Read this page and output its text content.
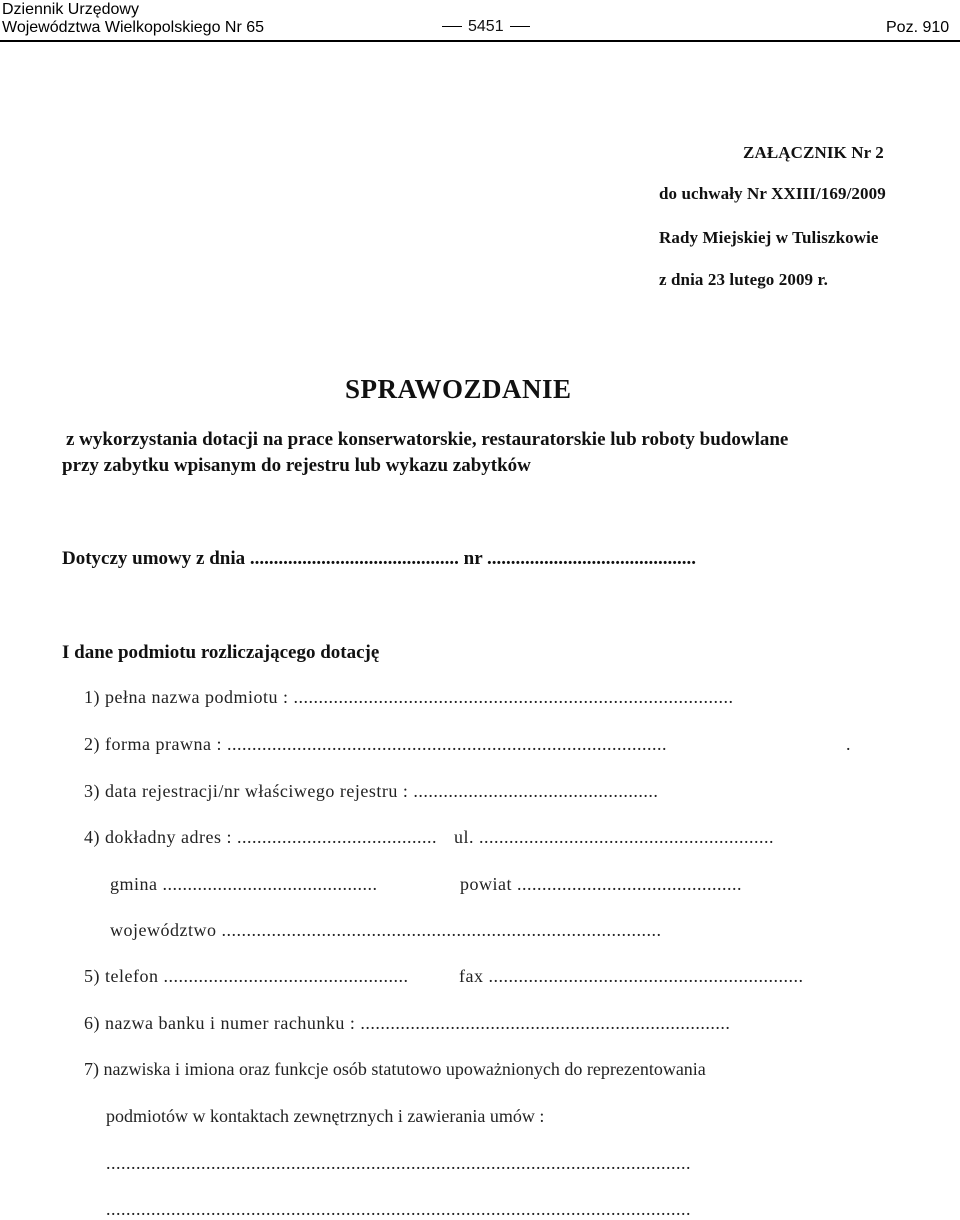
Dziennik Urzędowy
Województwa Wielkopolskiego Nr 65	5451	Poz. 910
ZAŁĄCZNIK Nr 2
do uchwały Nr XXIII/169/2009
Rady Miejskiej w Tuliszkowie
z dnia 23 lutego 2009 r.
SPRAWOZDANIE
z wykorzystania dotacji na prace konserwatorskie, restauratorskie lub roboty budowlane
przy zabytku wpisanym do rejestru lub wykazu zabytków
Dotyczy umowy z dnia ............................................ nr ............................................
I dane podmiotu rozliczającego dotację
1) pełna nazwa podmiotu : ........................................................................................
2) forma prawna : ........................................................................................	.
3) data rejestracji/nr właściwego rejestru : .................................................
4) dokładny adres : ........................................ ul. ...........................................................
gmina ...........................................	powiat .............................................
województwo ........................................................................................
5) telefon .................................................	fax ...............................................................
6) nazwa banku i numer rachunku : ..........................................................................
7) nazwiska i imiona oraz funkcje osób statutowo upoważnionych do reprezentowania
podmiotów w kontaktach zewnętrznych i zawierania umów :
.....................................................................................................................
.....................................................................................................................
